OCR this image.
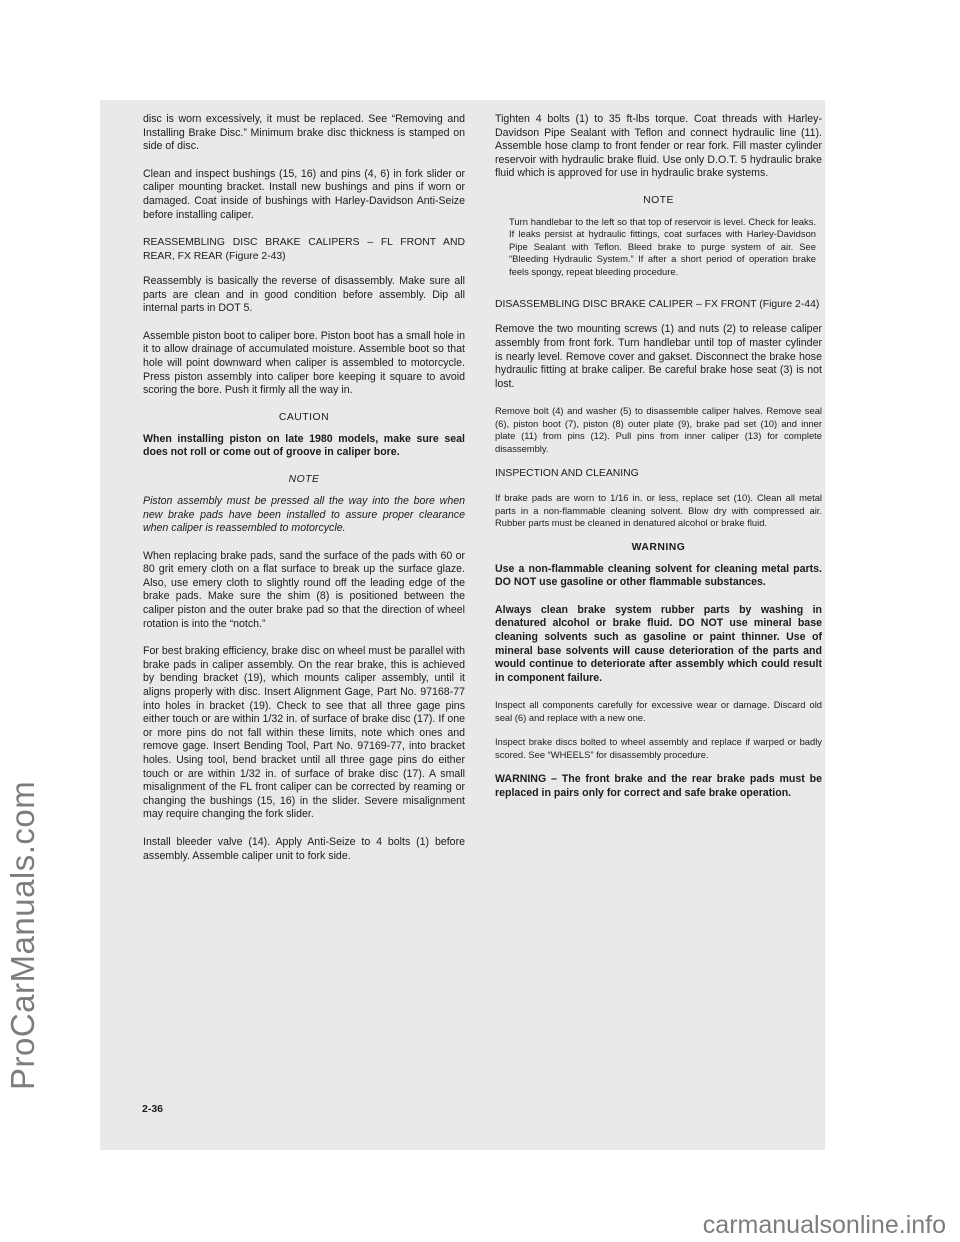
disc is worn excessively, it must be replaced. See “Removing and Installing Brake Disc.” Minimum brake disc thickness is stamped on side of disc.

Clean and inspect bushings (15, 16) and pins (4, 6) in fork slider or caliper mounting bracket. Install new bushings and pins if worn or damaged. Coat inside of bushings with Harley-Davidson Anti-Seize before installing caliper.

REASSEMBLING DISC BRAKE CALIPERS – FL FRONT AND REAR, FX REAR (Figure 2-43)

Reassembly is basically the reverse of disassembly. Make sure all parts are clean and in good condition before assembly. Dip all internal parts in DOT 5.

Assemble piston boot to caliper bore. Piston boot has a small hole in it to allow drainage of accumulated moisture. Assemble boot so that hole will point downward when caliper is assembled to motorcycle. Press piston assembly into caliper bore keeping it square to avoid scoring the bore. Push it firmly all the way in.

CAUTION

When installing piston on late 1980 models, make sure seal does not roll or come out of groove in caliper bore.

NOTE

Piston assembly must be pressed all the way into the bore when new brake pads have been installed to assure proper clearance when caliper is reassembled to motorcycle.

When replacing brake pads, sand the surface of the pads with 60 or 80 grit emery cloth on a flat surface to break up the surface glaze. Also, use emery cloth to slightly round off the leading edge of the brake pads. Make sure the shim (8) is positioned between the caliper piston and the outer brake pad so that the direction of wheel rotation is into the “notch.”

For best braking efficiency, brake disc on wheel must be parallel with brake pads in caliper assembly. On the rear brake, this is achieved by bending bracket (19), which mounts caliper assembly, until it aligns properly with disc. Insert Alignment Gage, Part No. 97168-77 into holes in bracket (19). Check to see that all three gage pins either touch or are within 1/32 in. of surface of brake disc (17). If one or more pins do not fall within these limits, note which ones and remove gage. Insert Bending Tool, Part No. 97169-77, into bracket holes. Using tool, bend bracket until all three gage pins do either touch or are within 1/32 in. of surface of brake disc (17). A small misalignment of the FL front caliper can be corrected by reaming or changing the bushings (15, 16) in the slider. Severe misalignment may require changing the fork slider.

Install bleeder valve (14). Apply Anti-Seize to 4 bolts (1) before assembly. Assemble caliper unit to fork side.

Tighten 4 bolts (1) to 35 ft-lbs torque. Coat threads with Harley-Davidson Pipe Sealant with Teflon and connect hydraulic line (11). Assemble hose clamp to front fender or rear fork. Fill master cylinder reservoir with hydraulic brake fluid. Use only D.O.T. 5 hydraulic brake fluid which is approved for use in hydraulic brake systems.

NOTE

Turn handlebar to the left so that top of reservoir is level. Check for leaks. If leaks persist at hydraulic fittings, coat surfaces with Harley-Davidson Pipe Sealant with Teflon. Bleed brake to purge system of air. See “Bleeding Hydraulic System.” If after a short period of operation brake feels spongy, repeat bleeding procedure.

DISASSEMBLING DISC BRAKE CALIPER – FX FRONT (Figure 2-44)

Remove the two mounting screws (1) and nuts (2) to release caliper assembly from front fork. Turn handlebar until top of master cylinder is nearly level. Remove cover and gakset. Disconnect the brake hose hydraulic fitting at brake caliper. Be careful brake hose seat (3) is not lost.

Remove bolt (4) and washer (5) to disassemble caliper halves. Remove seal (6), piston boot (7), piston (8) outer plate (9), brake pad set (10) and inner plate (11) from pins (12). Pull pins from inner caliper (13) for complete disassembly.

INSPECTION AND CLEANING

If brake pads are worn to 1/16 in. or less, replace set (10). Clean all metal parts in a non-flammable cleaning solvent. Blow dry with compressed air. Rubber parts must be cleaned in denatured alcohol or brake fluid.

WARNING

Use a non-flammable cleaning solvent for cleaning metal parts. DO NOT use gasoline or other flammable substances.

Always clean brake system rubber parts by washing in denatured alcohol or brake fluid. DO NOT use mineral base cleaning solvents such as gasoline or paint thinner. Use of mineral base solvents will cause deterioration of the parts and would continue to deteriorate after assembly which could result in component failure.

Inspect all components carefully for excessive wear or damage. Discard old seal (6) and replace with a new one.

Inspect brake discs bolted to wheel assembly and replace if warped or badly scored. See “WHEELS” for disassembly procedure.

WARNING – The front brake and the rear brake pads must be replaced in pairs only for correct and safe brake operation.

2-36
ProCarManuals.com
carmanualsonline.info
